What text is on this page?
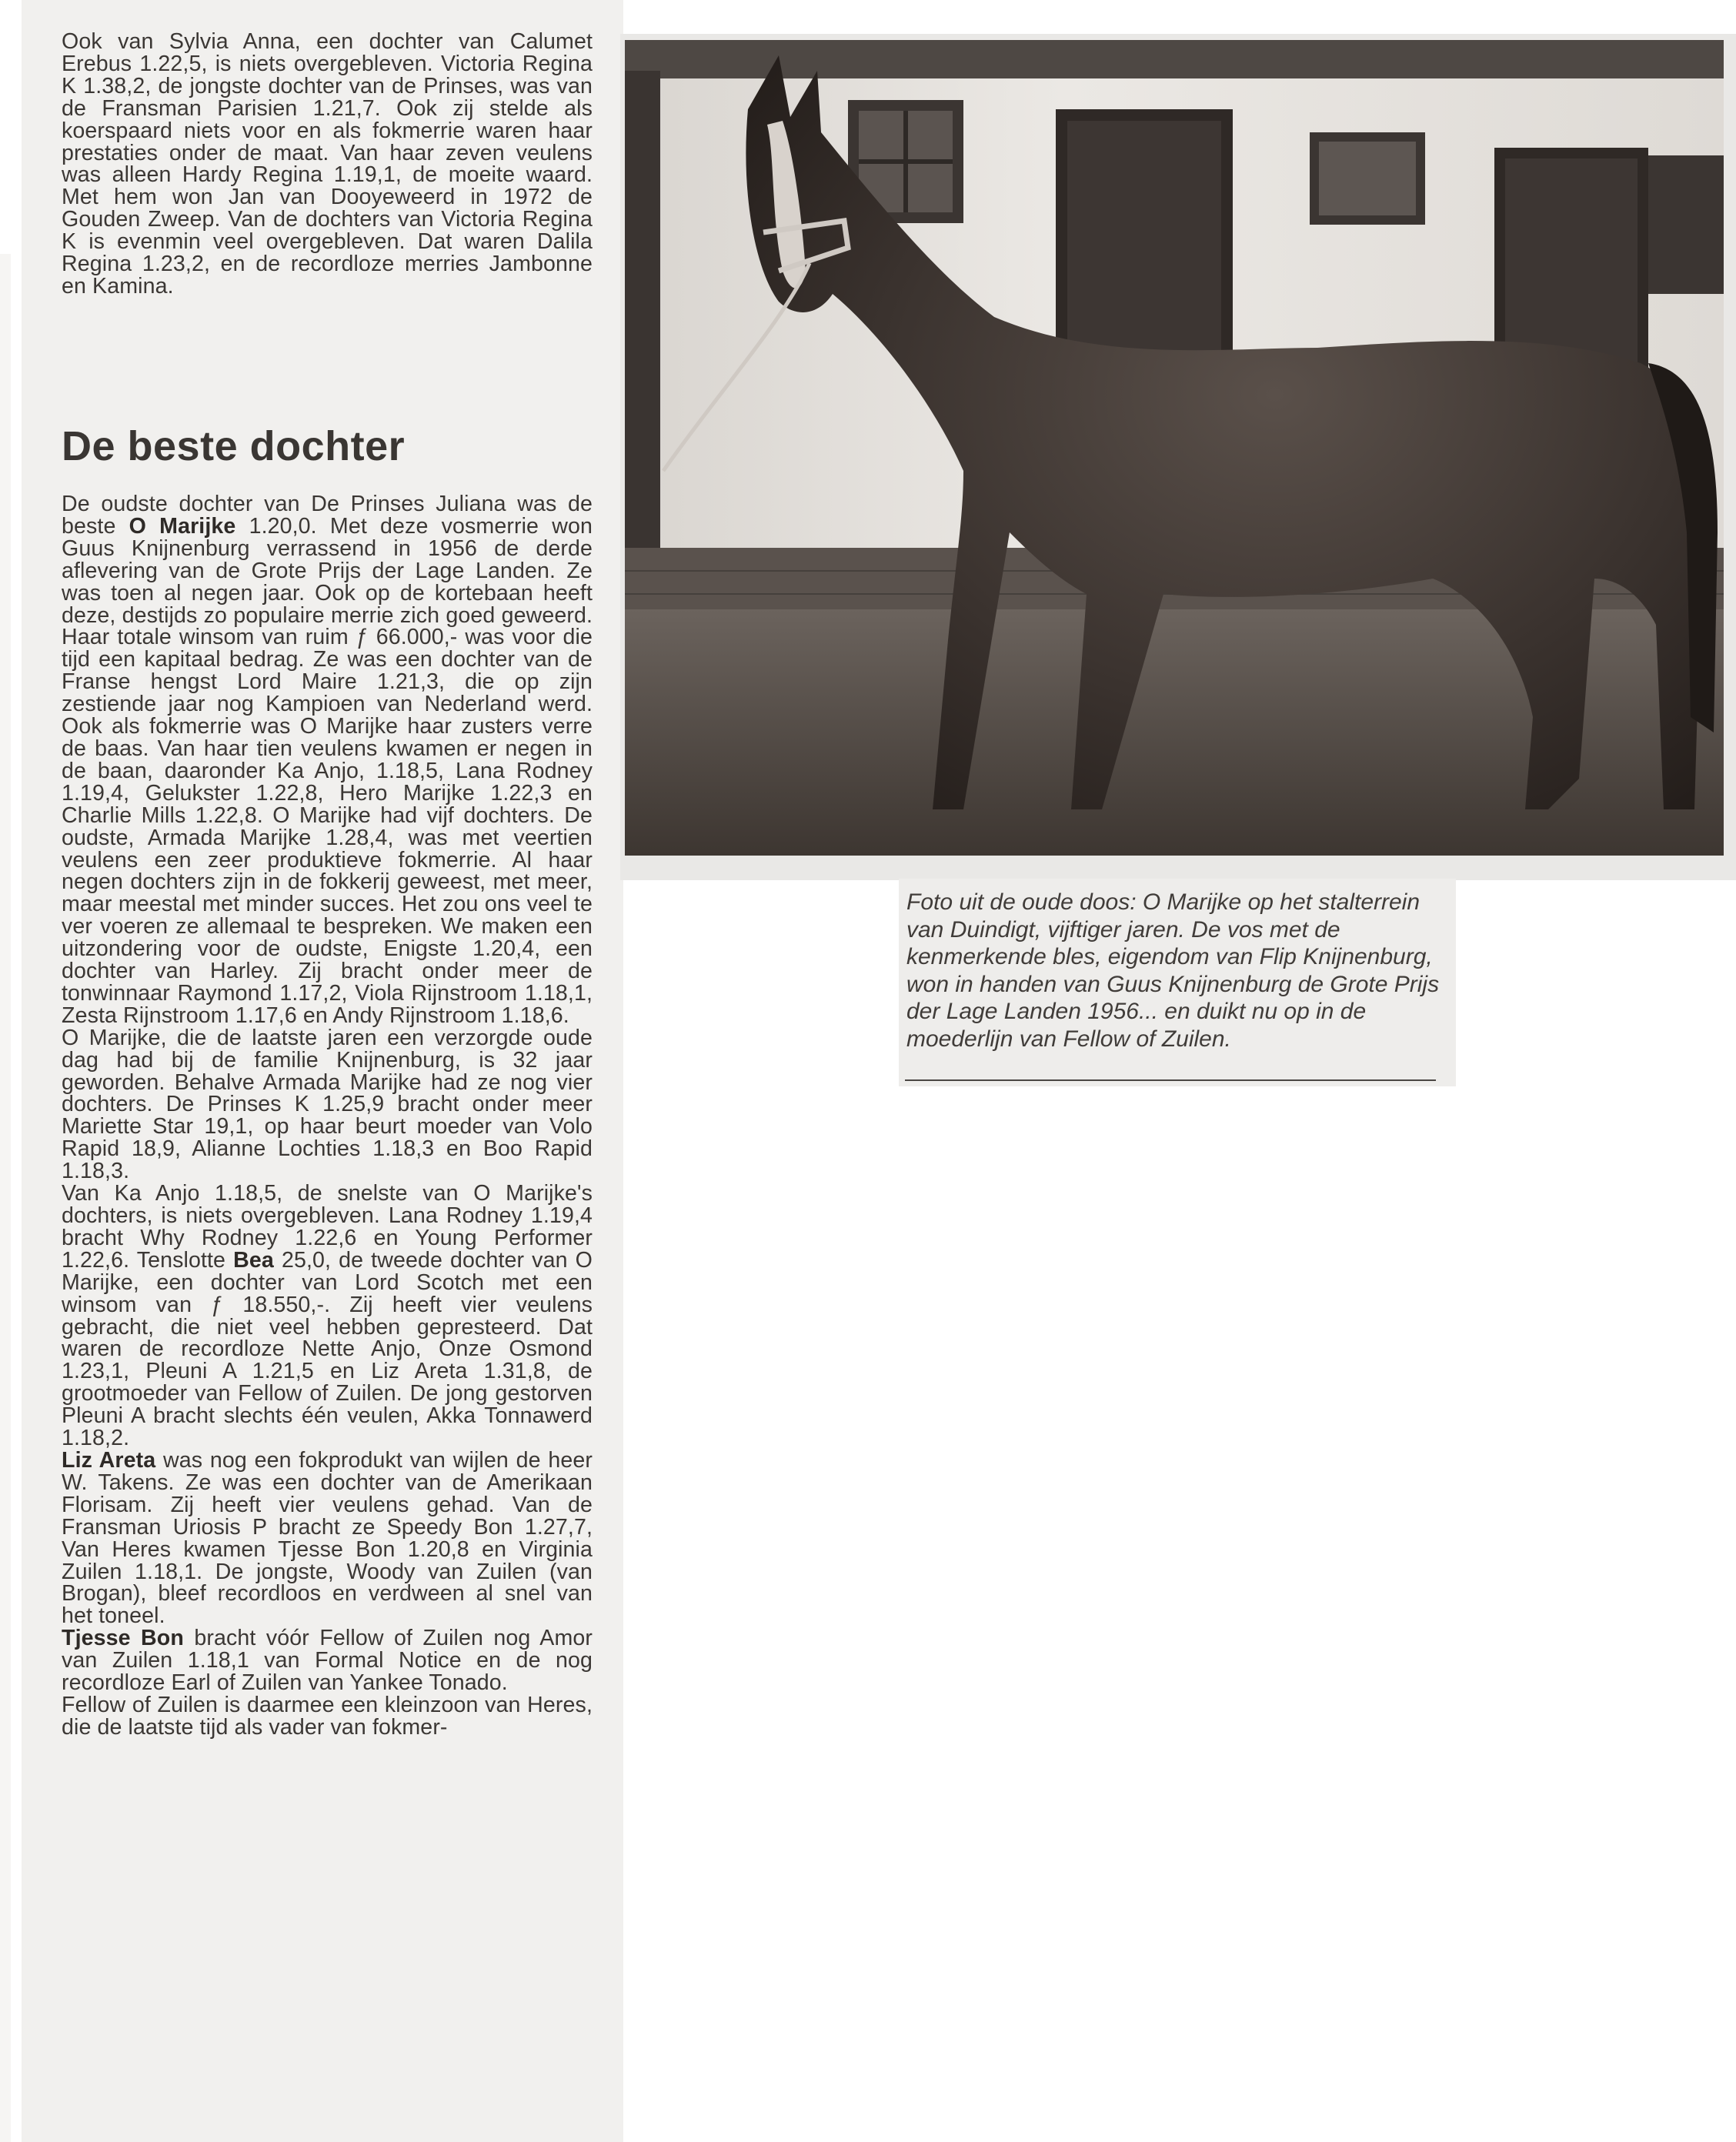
Ook van Sylvia Anna, een dochter van Calumet Erebus 1.22,5, is niets overgebleven. Victoria Regina K 1.38,2, de jongste dochter van de Prinses, was van de Fransman Parisien 1.21,7. Ook zij stelde als koerspaard niets voor en als fokmerrie waren haar prestaties onder de maat. Van haar zeven veulens was alleen Hardy Regina 1.19,1, de moeite waard. Met hem won Jan van Dooyeweerd in 1972 de Gouden Zweep. Van de dochters van Victoria Regina K is evenmin veel overgebleven. Dat waren Dalila Regina 1.23,2, en de recordloze merries Jambonne en Kamina.

De beste dochter

De oudste dochter van De Prinses Juliana was de beste O Marijke 1.20,0. Met deze vosmerrie won Guus Knijnenburg verrassend in 1956 de derde aflevering van de Grote Prijs der Lage Landen. Ze was toen al negen jaar. Ook op de kortebaan heeft deze, destijds zo populaire merrie zich goed geweerd. Haar totale winsom van ruim ƒ 66.000,- was voor die tijd een kapitaal bedrag. Ze was een dochter van de Franse hengst Lord Maire 1.21,3, die op zijn zestiende jaar nog Kampioen van Nederland werd. Ook als fokmerrie was O Marijke haar zusters verre de baas. Van haar tien veulens kwamen er negen in de baan, daaronder Ka Anjo, 1.18,5, Lana Rodney 1.19,4, Gelukster 1.22,8, Hero Marijke 1.22,3 en Charlie Mills 1.22,8. O Marijke had vijf dochters. De oudste, Armada Marijke 1.28,4, was met veertien veulens een zeer produktieve fokmerrie. Al haar negen dochters zijn in de fokkerij geweest, met meer, maar meestal met minder succes. Het zou ons veel te ver voeren ze allemaal te bespreken. We maken een uitzondering voor de oudste, Enigste 1.20,4, een dochter van Harley. Zij bracht onder meer de tonwinnaar Raymond 1.17,2, Viola Rijnstroom 1.18,1, Zesta Rijnstroom 1.17,6 en Andy Rijnstroom 1.18,6.

O Marijke, die de laatste jaren een verzorgde oude dag had bij de familie Knijnenburg, is 32 jaar geworden. Behalve Armada Marijke had ze nog vier dochters. De Prinses K 1.25,9 bracht onder meer Mariette Star 19,1, op haar beurt moeder van Volo Rapid 18,9, Alianne Lochties 1.18,3 en Boo Rapid 1.18,3.

Van Ka Anjo 1.18,5, de snelste van O Marijke's dochters, is niets overgebleven. Lana Rodney 1.19,4 bracht Why Rodney 1.22,6 en Young Performer 1.22,6. Tenslotte Bea 25,0, de tweede dochter van O Marijke, een dochter van Lord Scotch met een winsom van ƒ 18.550,-. Zij heeft vier veulens gebracht, die niet veel hebben gepresteerd. Dat waren de recordloze Nette Anjo, Onze Osmond 1.23,1, Pleuni A 1.21,5 en Liz Areta 1.31,8, de grootmoeder van Fellow of Zuilen. De jong gestorven Pleuni A bracht slechts één veulen, Akka Tonnawerd 1.18,2.

Liz Areta was nog een fokprodukt van wijlen de heer W. Takens. Ze was een dochter van de Amerikaan Florisam. Zij heeft vier veulens gehad. Van de Fransman Uriosis P bracht ze Speedy Bon 1.27,7, Van Heres kwamen Tjesse Bon 1.20,8 en Virginia Zuilen 1.18,1. De jongste, Woody van Zuilen (van Brogan), bleef recordloos en verdween al snel van het toneel.

Tjesse Bon bracht vóór Fellow of Zuilen nog Amor van Zuilen 1.18,1 van Formal Notice en de nog recordloze Earl of Zuilen van Yankee Tonado.

Fellow of Zuilen is daarmee een kleinzoon van Heres, die de laatste tijd als vader van fokmer-

Foto uit de oude doos: O Marijke op het stalterrein van Duindigt, vijftiger jaren. De vos met de kenmerkende bles, eigendom van Flip Knijnenburg, won in handen van Guus Knijnenburg de Grote Prijs der Lage Landen 1956... en duikt nu op in de moederlijn van Fellow of Zuilen.
